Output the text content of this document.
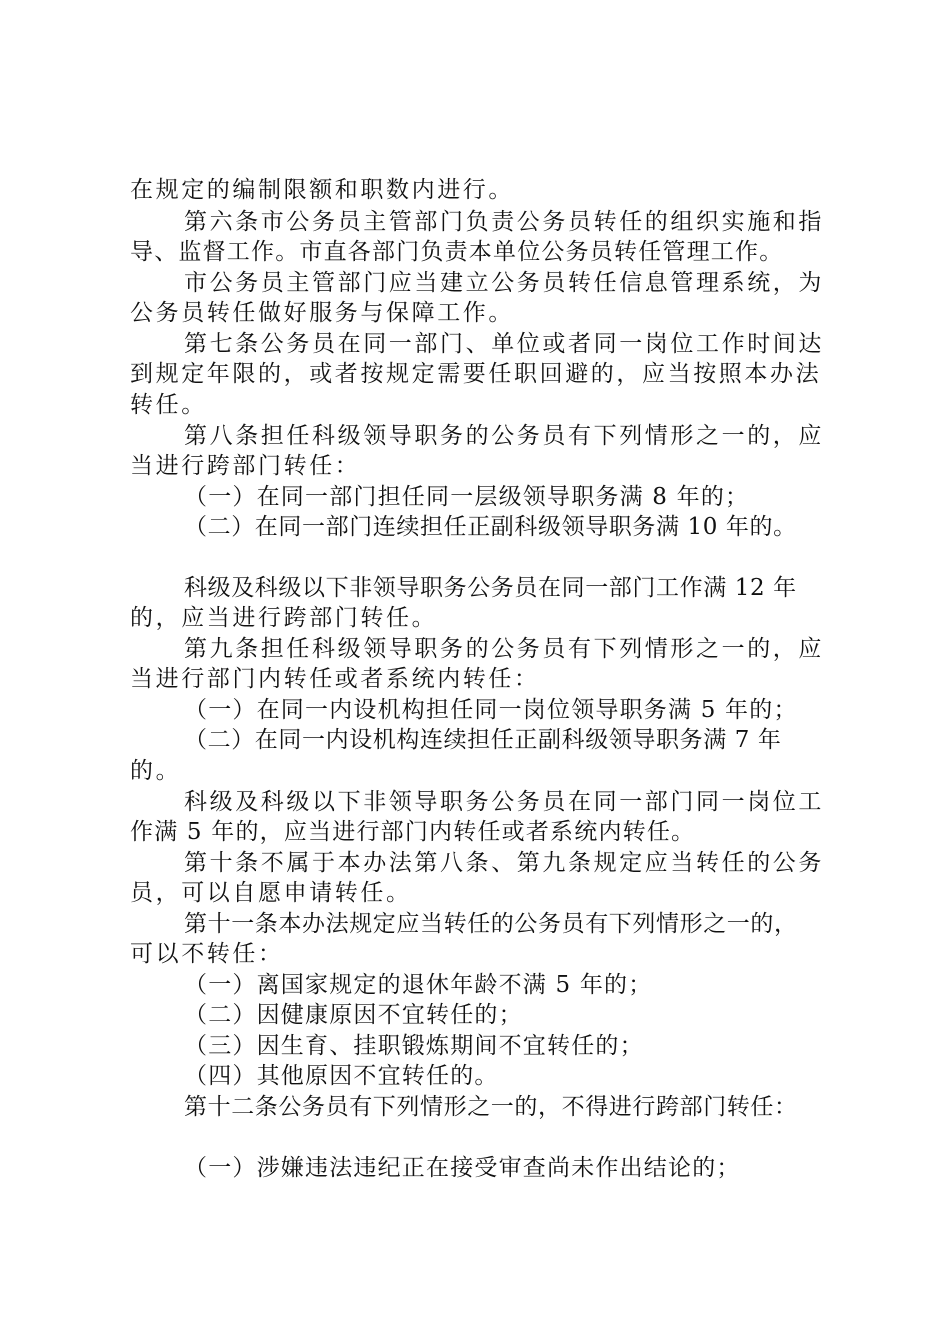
在规定的编制限额和职数内进行。
第六条市公务员主管部门负责公务员转任的组织实施和指
导、监督工作。市直各部门负责本单位公务员转任管理工作。
市公务员主管部门应当建立公务员转任信息管理系统，为
公务员转任做好服务与保障工作。
第七条公务员在同一部门、单位或者同一岗位工作时间达
到规定年限的，或者按规定需要任职回避的，应当按照本办法
转任。
第八条担任科级领导职务的公务员有下列情形之一的，应
当进行跨部门转任：
（一）在同一部门担任同一层级领导职务满 8 年的；
（二）在同一部门连续担任正副科级领导职务满 10 年的。
科级及科级以下非领导职务公务员在同一部门工作满 12 年
的，应当进行跨部门转任。
第九条担任科级领导职务的公务员有下列情形之一的，应
当进行部门内转任或者系统内转任：
（一）在同一内设机构担任同一岗位领导职务满 5 年的；
（二）在同一内设机构连续担任正副科级领导职务满 7 年
的。
科级及科级以下非领导职务公务员在同一部门同一岗位工
作满 5 年的，应当进行部门内转任或者系统内转任。
第十条不属于本办法第八条、第九条规定应当转任的公务
员，可以自愿申请转任。
第十一条本办法规定应当转任的公务员有下列情形之一的，
可以不转任：
（一）离国家规定的退休年龄不满 5 年的；
（二）因健康原因不宜转任的；
（三）因生育、挂职锻炼期间不宜转任的；
（四）其他原因不宜转任的。
第十二条公务员有下列情形之一的，不得进行跨部门转任：
（一）涉嫌违法违纪正在接受审查尚未作出结论的；
